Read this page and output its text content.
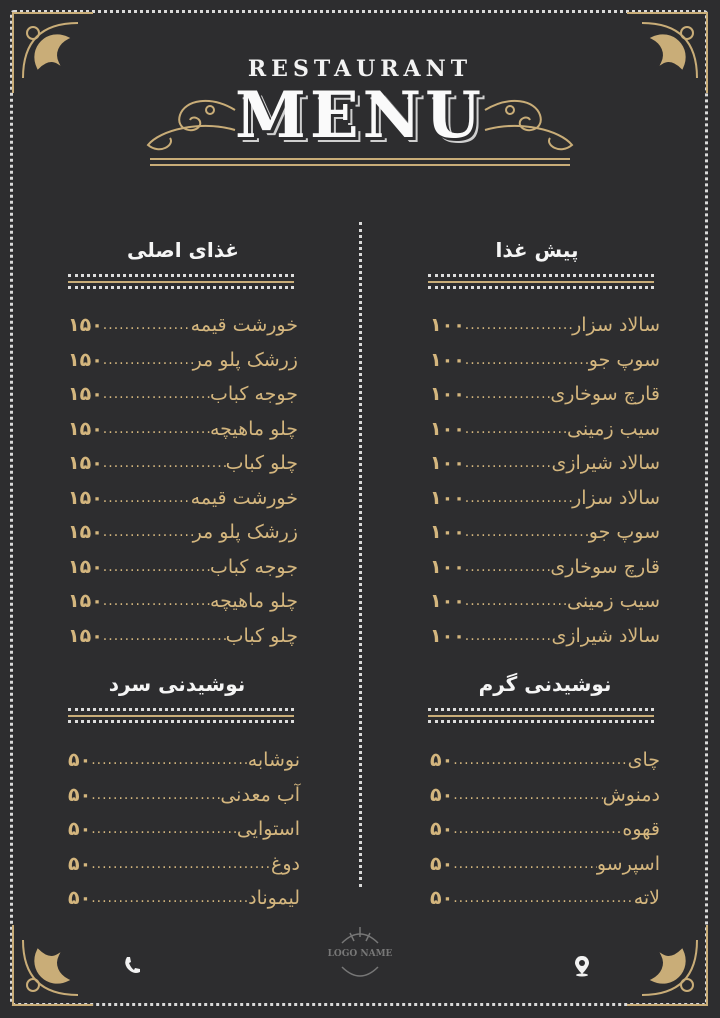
RESTAURANT
MENU
پیش غذا
غذای اصلی
نوشیدنی گرم
نوشیدنی سرد
سالاد سزار
.....
۱۰۰
سوپ جو
.....
۱۰۰
قارچ سوخاری
.....
۱۰۰
سیب زمینی
.....
۱۰۰
سالاد شیرازی
.....
۱۰۰
سالاد سزار
.....
۱۰۰
سوپ جو
.....
۱۰۰
قارچ سوخاری
.....
۱۰۰
سیب زمینی
.....
۱۰۰
سالاد شیرازی
.....
۱۰۰
خورشت قیمه
.....
۱۵۰
زرشک پلو مر
.....
۱۵۰
جوجه کباب
.....
۱۵۰
چلو ماهیچه
.....
۱۵۰
چلو کباب
.....
۱۵۰
خورشت قیمه
.....
۱۵۰
زرشک پلو مر
.....
۱۵۰
جوجه کباب
.....
۱۵۰
چلو ماهیچه
.....
۱۵۰
چلو کباب
.....
۱۵۰
چای
.....
۵۰
دمنوش
.....
۵۰
قهوه
.....
۵۰
اسپرسو
.....
۵۰
لاته
.....
۵۰
نوشابه
.....
۵۰
آب معدنی
.....
۵۰
استوایی
.....
۵۰
دوغ
.....
۵۰
لیموناد
.....
۵۰
LOGO NAME
